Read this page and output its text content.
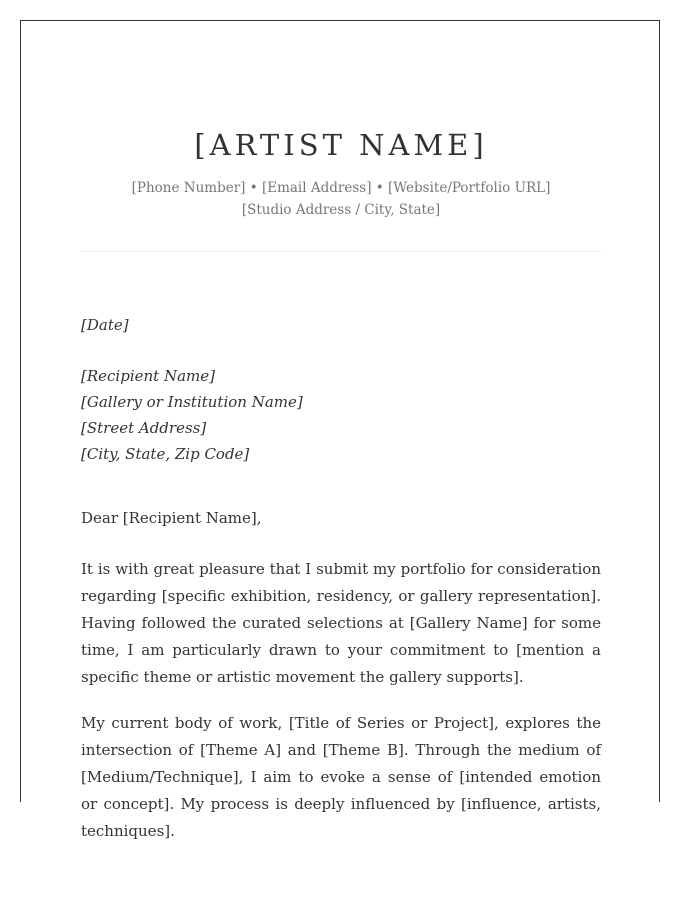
[ARTIST NAME]
[Phone Number] • [Email Address] • [Website/Portfolio URL]
[Studio Address / City, State]
[Date]
[Recipient Name]
[Gallery or Institution Name]
[Street Address]
[City, State, Zip Code]
Dear [Recipient Name],

It is with great pleasure that I submit my portfolio for consideration regarding [specific exhibition, residency, or gallery representation]. Having followed the curated selections at [Gallery Name] for some time, I am particularly drawn to your commitment to [mention a specific theme or artistic movement the gallery supports].

My current body of work, [Title of Series or Project], explores the intersection of [Theme A] and [Theme B]. Through the medium of [Medium/Technique], I aim to evoke a sense of [intended emotion or concept]. My process is deeply influenced by [influence, artists, techniques].
